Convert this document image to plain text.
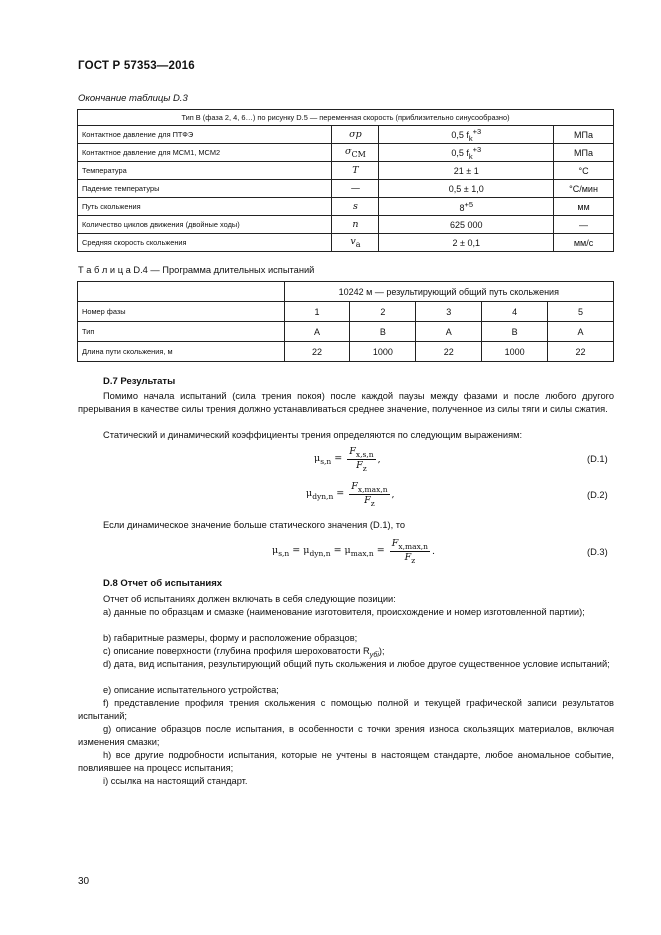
ГОСТ Р 57353—2016
Окончание таблицы D.3
Тип В (фаза 2, 4, 6…) по рисунку D.5 — переменная скорость (приблизительно синусообразно)			
Контактное давление для ПТФЭ	σр	0,5 $f_k^{+3}$	МПа
Контактное давление для МСМ1, МСМ2	$\sigma_{CM}$	0,5 $f_k^{+3}$	МПа
Температура	T	21 ± 1	°C
Падение температуры	—	0,5 ± 1,0	°C/мин
Путь скольжения	s	$8^{+5}$	мм
Количество циклов движения (двойные ходы)	n	625 000	—
Средняя скорость скольжения	$v_a$	2 ± 0,1	мм/с
Т а б л и ц а D.4 — Программа длительных испытаний
	10242 м — результирующий общий путь скольжения				
Номер фазы	1	2	3	4	5
Тип	A	B	A	B	A
Длина пути скольжения, м	22	1000	22	1000	22
D.7 Результаты
Помимо начала испытаний (сила трения покоя) после каждой паузы между фазами и после любого другого прерывания в качестве силы трения должно устанавливаться среднее значение, полученное из силы тяги и силы сжатия.
Статический и динамический коэффициенты трения определяются по следующим выражениям:
$\mu_{s,n} = \frac{F_{x,s,n}}{F_z}$ ,	(D.1)
$\mu_{dyn,n} = \frac{F_{x,max,n}}{F_z}$ ,	(D.2)
Если динамическое значение больше статического значения (D.1), то
$\mu_{s,n} = \mu_{dyn,n} = \mu_{max,n} = \frac{F_{x,max,n}}{F_z}$ .	(D.3)
D.8 Отчет об испытаниях
Отчет об испытаниях должен включать в себя следующие позиции:
а) данные по образцам и смазке (наименование изготовителя, происхождение и номер изготовленной партии);
b) габаритные размеры, форму и расположение образцов;
c) описание поверхности (глубина профиля шероховатости $R_{убі}$);
d) дата, вид испытания, результирующий общий путь скольжения и любое другое существенное условие испытаний;
e) описание испытательного устройства;
f) представление профиля трения скольжения с помощью полной и текущей графической записи результатов испытаний;
g) описание образцов после испытания, в особенности с точки зрения износа скользящих материалов, включая изменения смазки;
h) все другие подробности испытания, которые не учтены в настоящем стандарте, любое аномальное событие, повлиявшее на процесс испытания;
i) ссылка на настоящий стандарт.
30
